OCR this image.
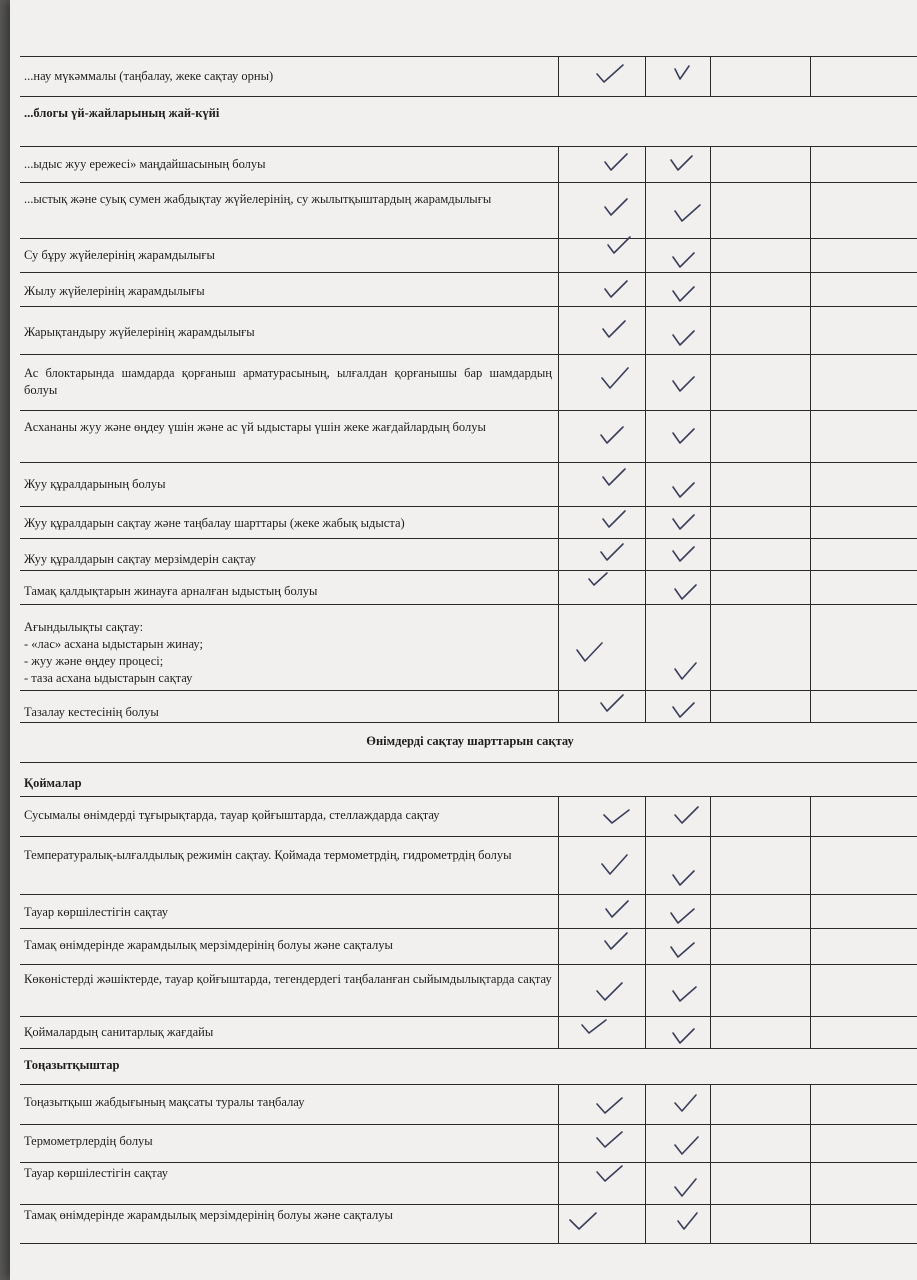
...нау мүкәммалы (таңбалау, жеке сақтау орны)
...блогы үй-жайларының жай-күйі
...ыдыс жуу ережесі» маңдайшасының болуы
...ыстық және суық сумен жабдықтау жүйелерінің, су жылытқыштардың жарамдылығы
Су бұру жүйелерінің жарамдылығы
Жылу жүйелерінің жарамдылығы
Жарықтандыру жүйелерінің жарамдылығы
Ас блоктарында шамдарда қорғаныш арматурасының, ылғалдан қорғанышы бар шамдардың болуы
Асхананы жуу және өңдеу үшін және ас үй ыдыстары үшін жеке жағдайлардың болуы
Жуу құралдарының болуы
Жуу құралдарын сақтау және таңбалау шарттары (жеке жабық ыдыста)
Жуу құралдарын сақтау мерзімдерін сақтау
Тамақ қалдықтарын жинауға арналған ыдыстың болуы
Ағындылықты сақтау:
- «лас» асхана ыдыстарын жинау;
- жуу және өңдеу процесі;
- таза асхана ыдыстарын сақтау
Тазалау кестесінің болуы
Өнімдерді сақтау шарттарын сақтау
Қоймалар
Сусымалы өнімдерді тұғырықтарда, тауар қойғыштарда, стеллаждарда сақтау
Температуралық-ылғалдылық режимін сақтау. Қоймада термометрдің, гидрометрдің болуы
Тауар көршілестігін сақтау
Тамақ өнімдерінде жарамдылық мерзімдерінің болуы және сақталуы
Көкөністерді жәшіктерде, тауар қойғыштарда, тегендердегі таңбаланған сыйымдылықтарда сақтау
Қоймалардың санитарлық жағдайы
Тоңазытқыштар
Тоңазытқыш жабдығының мақсаты туралы таңбалау
Термометрлердің болуы
Тауар көршілестігін сақтау
Тамақ өнімдерінде жарамдылық мерзімдерінің болуы және сақталуы
